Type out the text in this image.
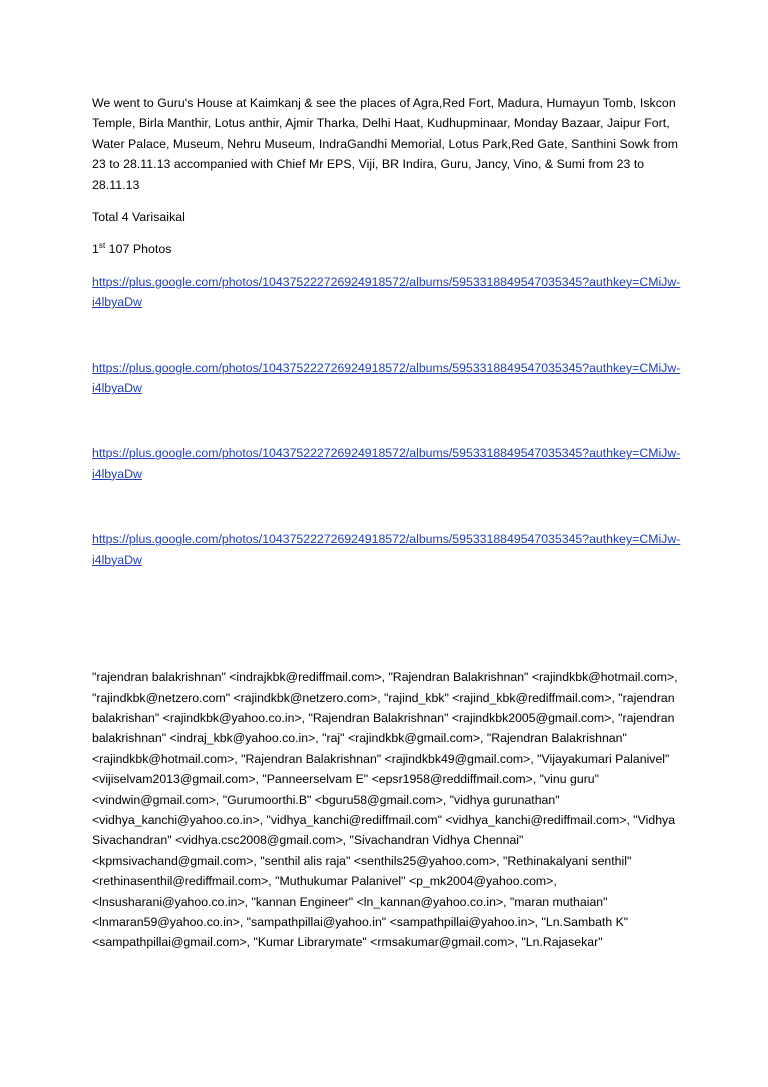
We went to Guru's House at Kaimkanj & see the places of Agra,Red Fort, Madura, Humayun Tomb, Iskcon Temple, Birla Manthir, Lotus anthir, Ajmir Tharka, Delhi Haat, Kudhupminaar, Monday Bazaar, Jaipur Fort, Water Palace, Museum, Nehru Museum, IndraGandhi Memorial, Lotus Park,Red Gate, Santhini Sowk from 23 to 28.11.13 accompanied with Chief Mr EPS, Viji, BR Indira, Guru, Jancy, Vino, & Sumi from 23 to 28.11.13

Total 4 Varisaikal

1st 107 Photos

https://plus.google.com/photos/104375222726924918572/albums/5953318849547035345?authkey=CMiJw-i4lbyaDw
https://plus.google.com/photos/104375222726924918572/albums/5953318849547035345?authkey=CMiJw-i4lbyaDw
https://plus.google.com/photos/104375222726924918572/albums/5953318849547035345?authkey=CMiJw-i4lbyaDw
https://plus.google.com/photos/104375222726924918572/albums/5953318849547035345?authkey=CMiJw-i4lbyaDw

"rajendran balakrishnan" <indrajkbk@rediffmail.com>, "Rajendran Balakrishnan" <rajindkbk@hotmail.com>, "rajindkbk@netzero.com" <rajindkbk@netzero.com>, "rajind_kbk" <rajind_kbk@rediffmail.com>, "rajendran balakrishan" <rajindkbk@yahoo.co.in>, "Rajendran Balakrishnan" <rajindkbk2005@gmail.com>, "rajendran balakrishnan" <indraj_kbk@yahoo.co.in>, "raj" <rajindkbk@gmail.com>, "Rajendran Balakrishnan" <rajindkbk@hotmail.com>, "Rajendran Balakrishnan" <rajindkbk49@gmail.com>, "Vijayakumari Palanivel" <vijiselvam2013@gmail.com>, "Panneerselvam E" <epsr1958@reddiffmail.com>, "vinu guru" <vindwin@gmail.com>, "Gurumoorthi.B" <bguru58@gmail.com>, "vidhya gurunathan" <vidhya_kanchi@yahoo.co.in>, "vidhya_kanchi@rediffmail.com" <vidhya_kanchi@rediffmail.com>, "Vidhya Sivachandran" <vidhya.csc2008@gmail.com>, "Sivachandran Vidhya Chennai" <kpmsivachand@gmail.com>, "senthil alis raja" <senthils25@yahoo.com>, "Rethinakalyani senthil" <rethinasenthil@rediffmail.com>, "Muthukumar Palanivel" <p_mk2004@yahoo.com>, <lnsusharani@yahoo.co.in>, "kannan Engineer" <ln_kannan@yahoo.co.in>, "maran muthaian" <lnmaran59@yahoo.co.in>, "sampathpillai@yahoo.in" <sampathpillai@yahoo.in>, "Ln.Sambath K" <sampathpillai@gmail.com>, "Kumar Librarymate" <rmsakumar@gmail.com>, "Ln.Rajasekar"
